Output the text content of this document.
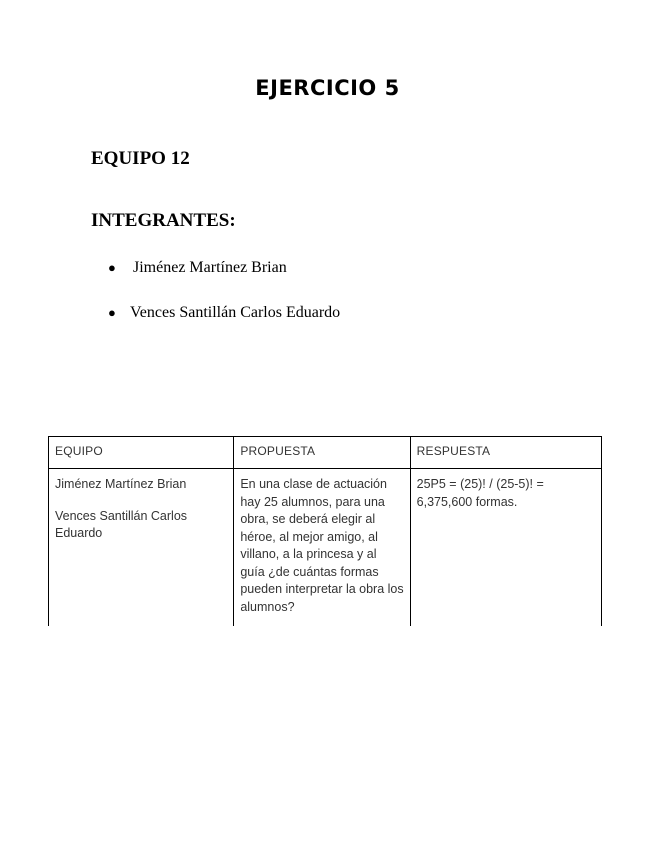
EJERCICIO 5
EQUIPO 12
INTEGRANTES:
● Jiménez Martínez Brian
● Vences Santillán Carlos Eduardo
EQUIPO	PROPUESTA	RESPUESTA

Jiménez Martínez Brian
Vences Santillán Carlos Eduardo	En una clase de actuación hay 25 alumnos, para una obra, se deberá elegir al héroe, al mejor amigo, al villano, a la princesa y al guía ¿de cuántas formas pueden interpretar la obra los alumnos?	25P5 = (25)! / (25-5)! = 6,375,600 formas.
